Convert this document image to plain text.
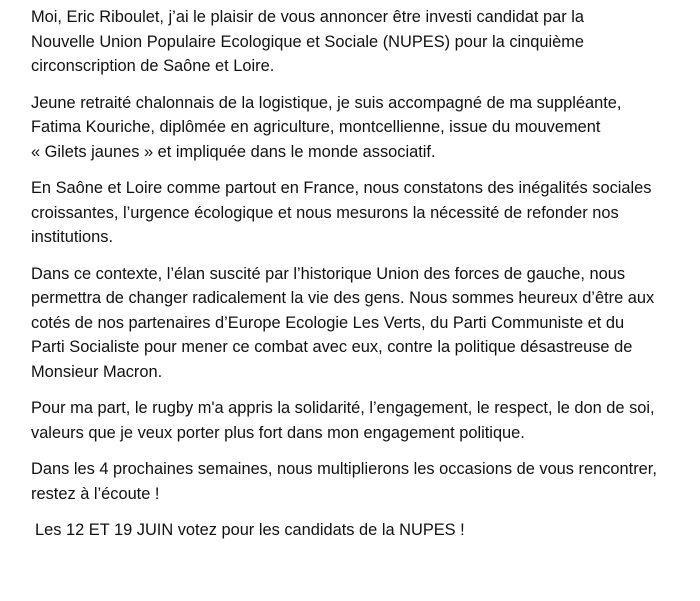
Moi, Eric Riboulet, j’ai le plaisir de vous annoncer être investi candidat par la
Nouvelle Union Populaire Ecologique et Sociale (NUPES) pour la cinquième
circonscription de Saône et Loire.

Jeune retraité chalonnais de la logistique, je suis accompagné de ma suppléante,
Fatima Kouriche, diplômée en agriculture, montcellienne, issue du mouvement
« Gilets jaunes » et impliquée dans le monde associatif.

En Saône et Loire comme partout en France, nous constatons des inégalités sociales
croissantes, l’urgence écologique et nous mesurons la nécessité de refonder nos
institutions.

Dans ce contexte, l’élan suscité par l’historique Union des forces de gauche, nous
permettra de changer radicalement la vie des gens. Nous sommes heureux d’être aux
cotés de nos partenaires d’Europe Ecologie Les Verts, du Parti Communiste et du
Parti Socialiste pour mener ce combat avec eux, contre la politique désastreuse de
Monsieur Macron.

Pour ma part, le rugby m'a appris la solidarité, l’engagement, le respect, le don de soi,
valeurs que je veux porter plus fort dans mon engagement politique.

Dans les 4 prochaines semaines, nous multiplierons les occasions de vous rencontrer,
restez à l’écoute !

Les 12 ET 19 JUIN votez pour les candidats de la NUPES !
